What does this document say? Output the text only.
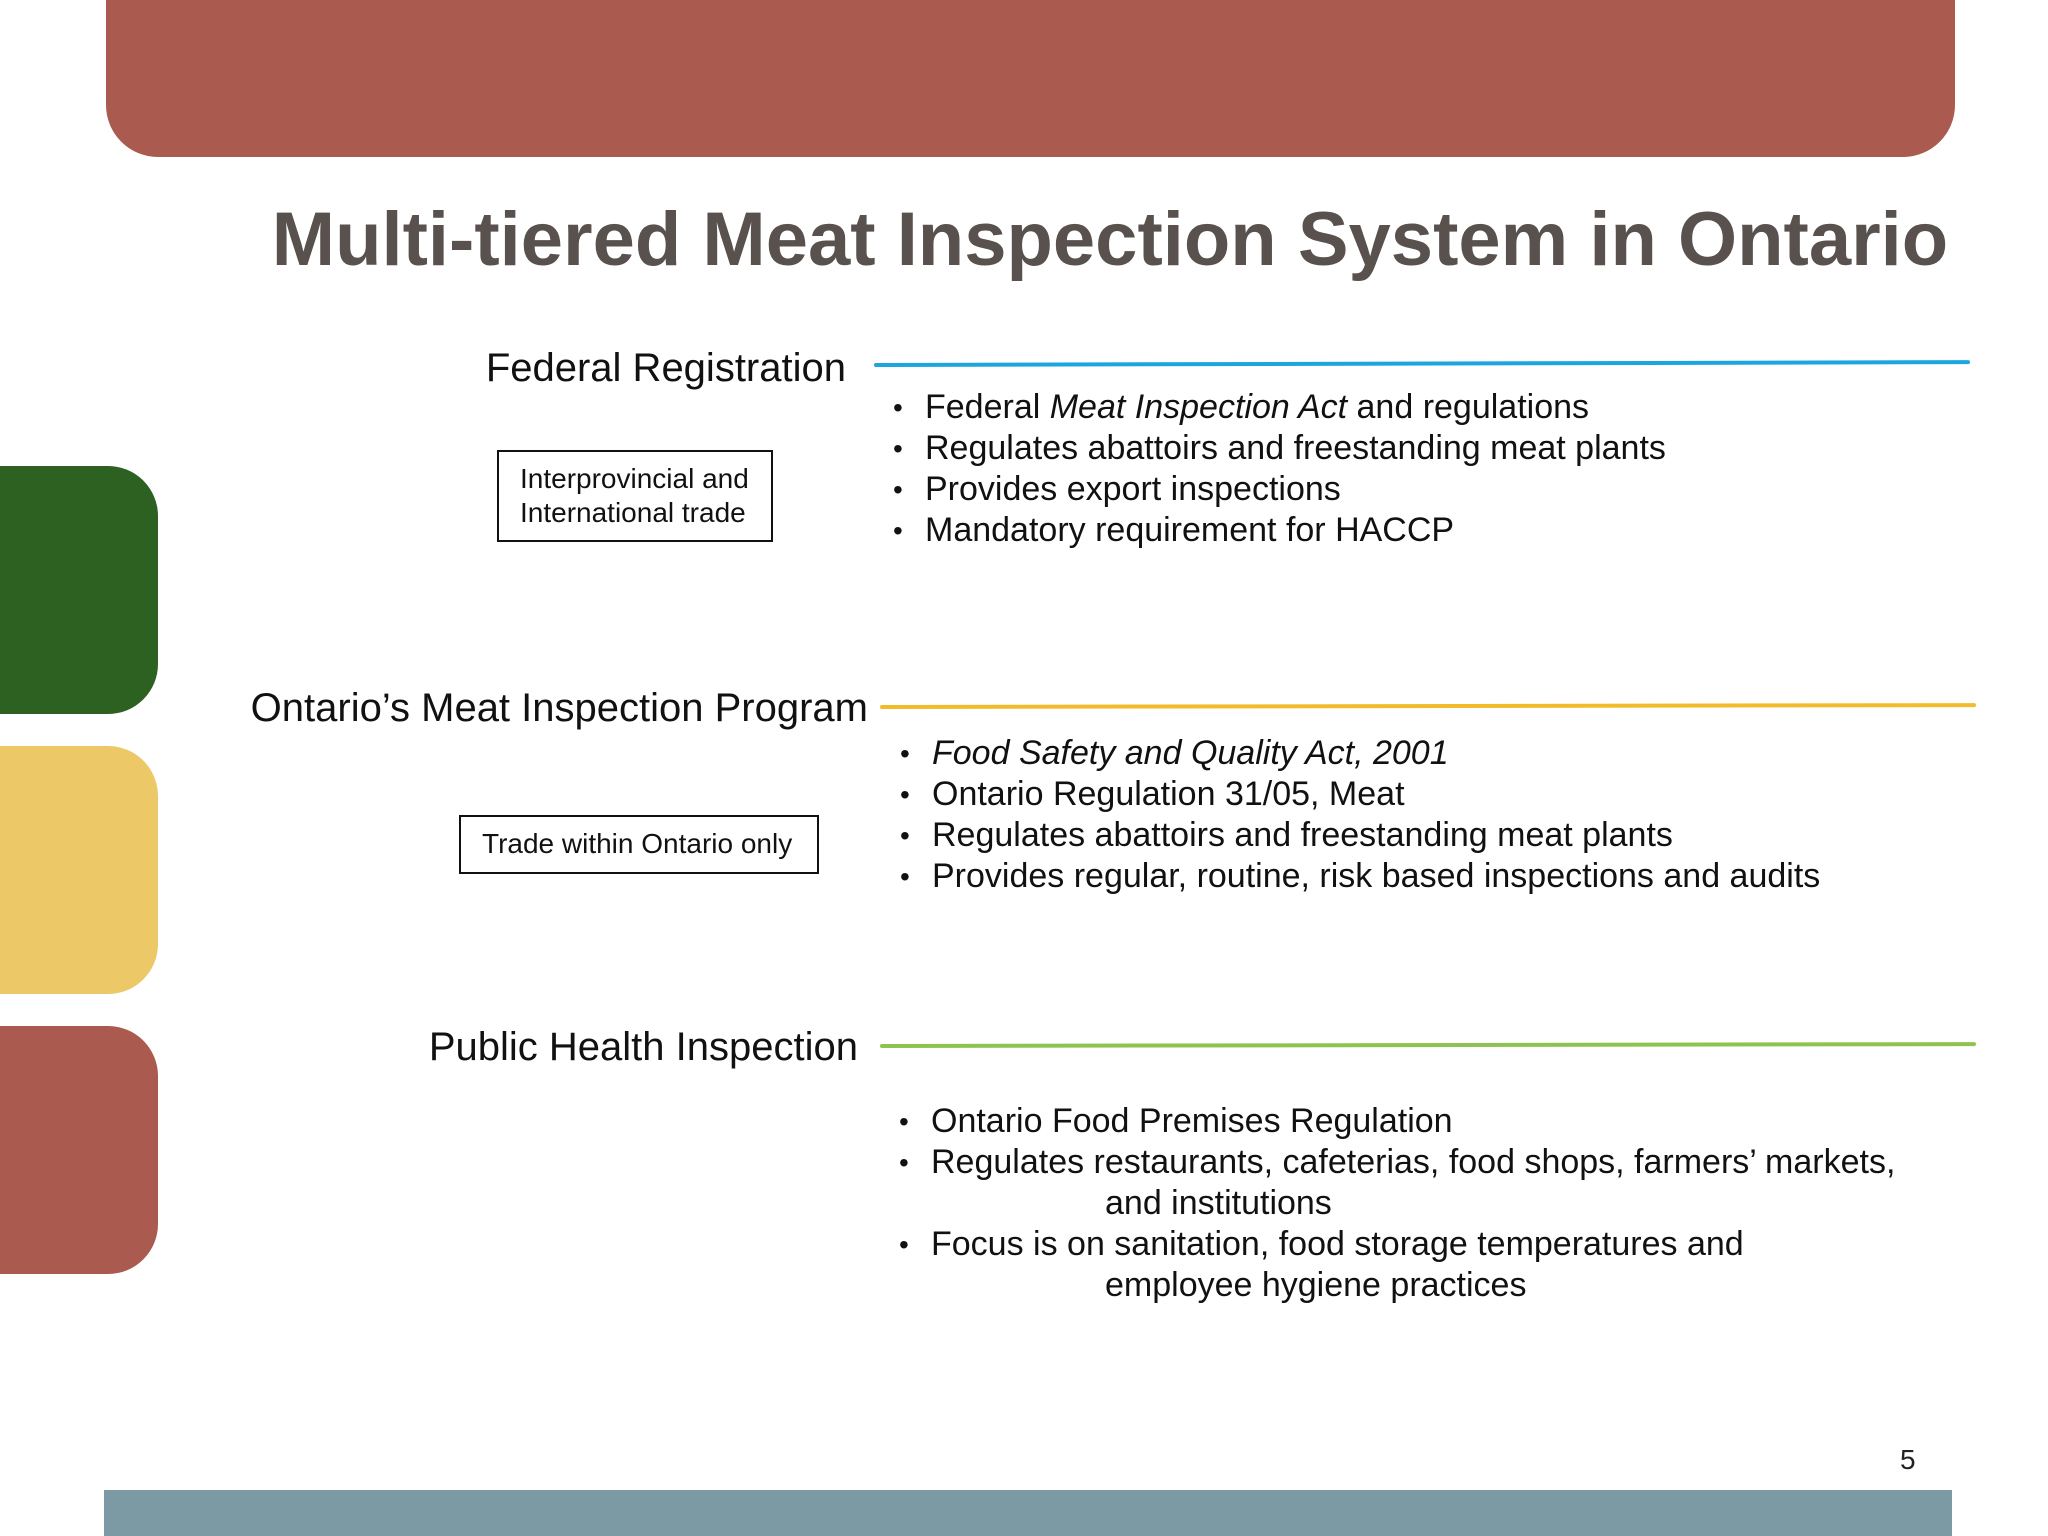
Multi-tiered Meat Inspection System in Ontario
Federal Registration
Interprovincial and
International trade
• Federal Meat Inspection Act and regulations
• Regulates abattoirs and freestanding meat plants
• Provides export inspections
• Mandatory requirement for HACCP
Ontario’s Meat Inspection Program
Trade within Ontario only
• Food Safety and Quality Act, 2001
• Ontario Regulation 31/05, Meat
• Regulates abattoirs and freestanding meat plants
• Provides regular, routine, risk based inspections and audits
Public Health Inspection
• Ontario Food Premises Regulation
• Regulates restaurants, cafeterias, food shops, farmers’ markets,
and institutions
• Focus is on sanitation, food storage temperatures and
employee hygiene practices
5
